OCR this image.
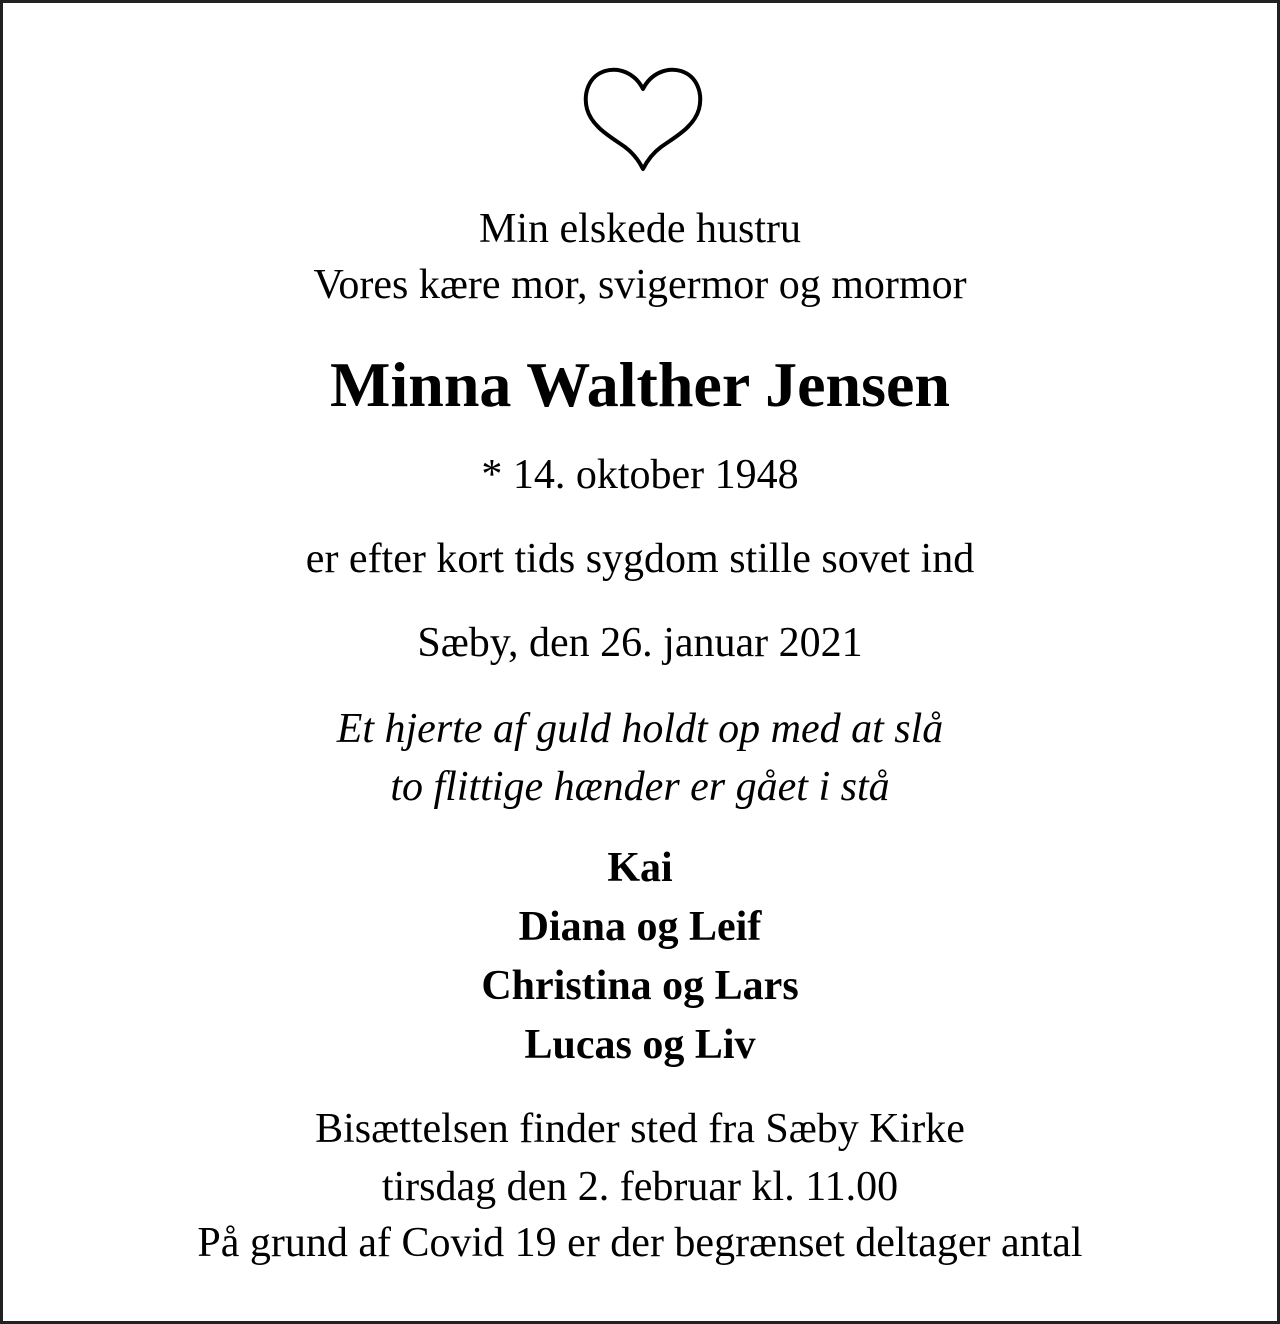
Min elskede hustru
Vores kære mor, svigermor og mormor
Minna Walther Jensen
* 14. oktober 1948
er efter kort tids sygdom stille sovet ind
Sæby, den 26. januar 2021
Et hjerte af guld holdt op med at slå
to flittige hænder er gået i stå
Kai
Diana og Leif
Christina og Lars
Lucas og Liv
Bisættelsen finder sted fra Sæby Kirke
tirsdag den 2. februar kl. 11.00
På grund af Covid 19 er der begrænset deltager antal
